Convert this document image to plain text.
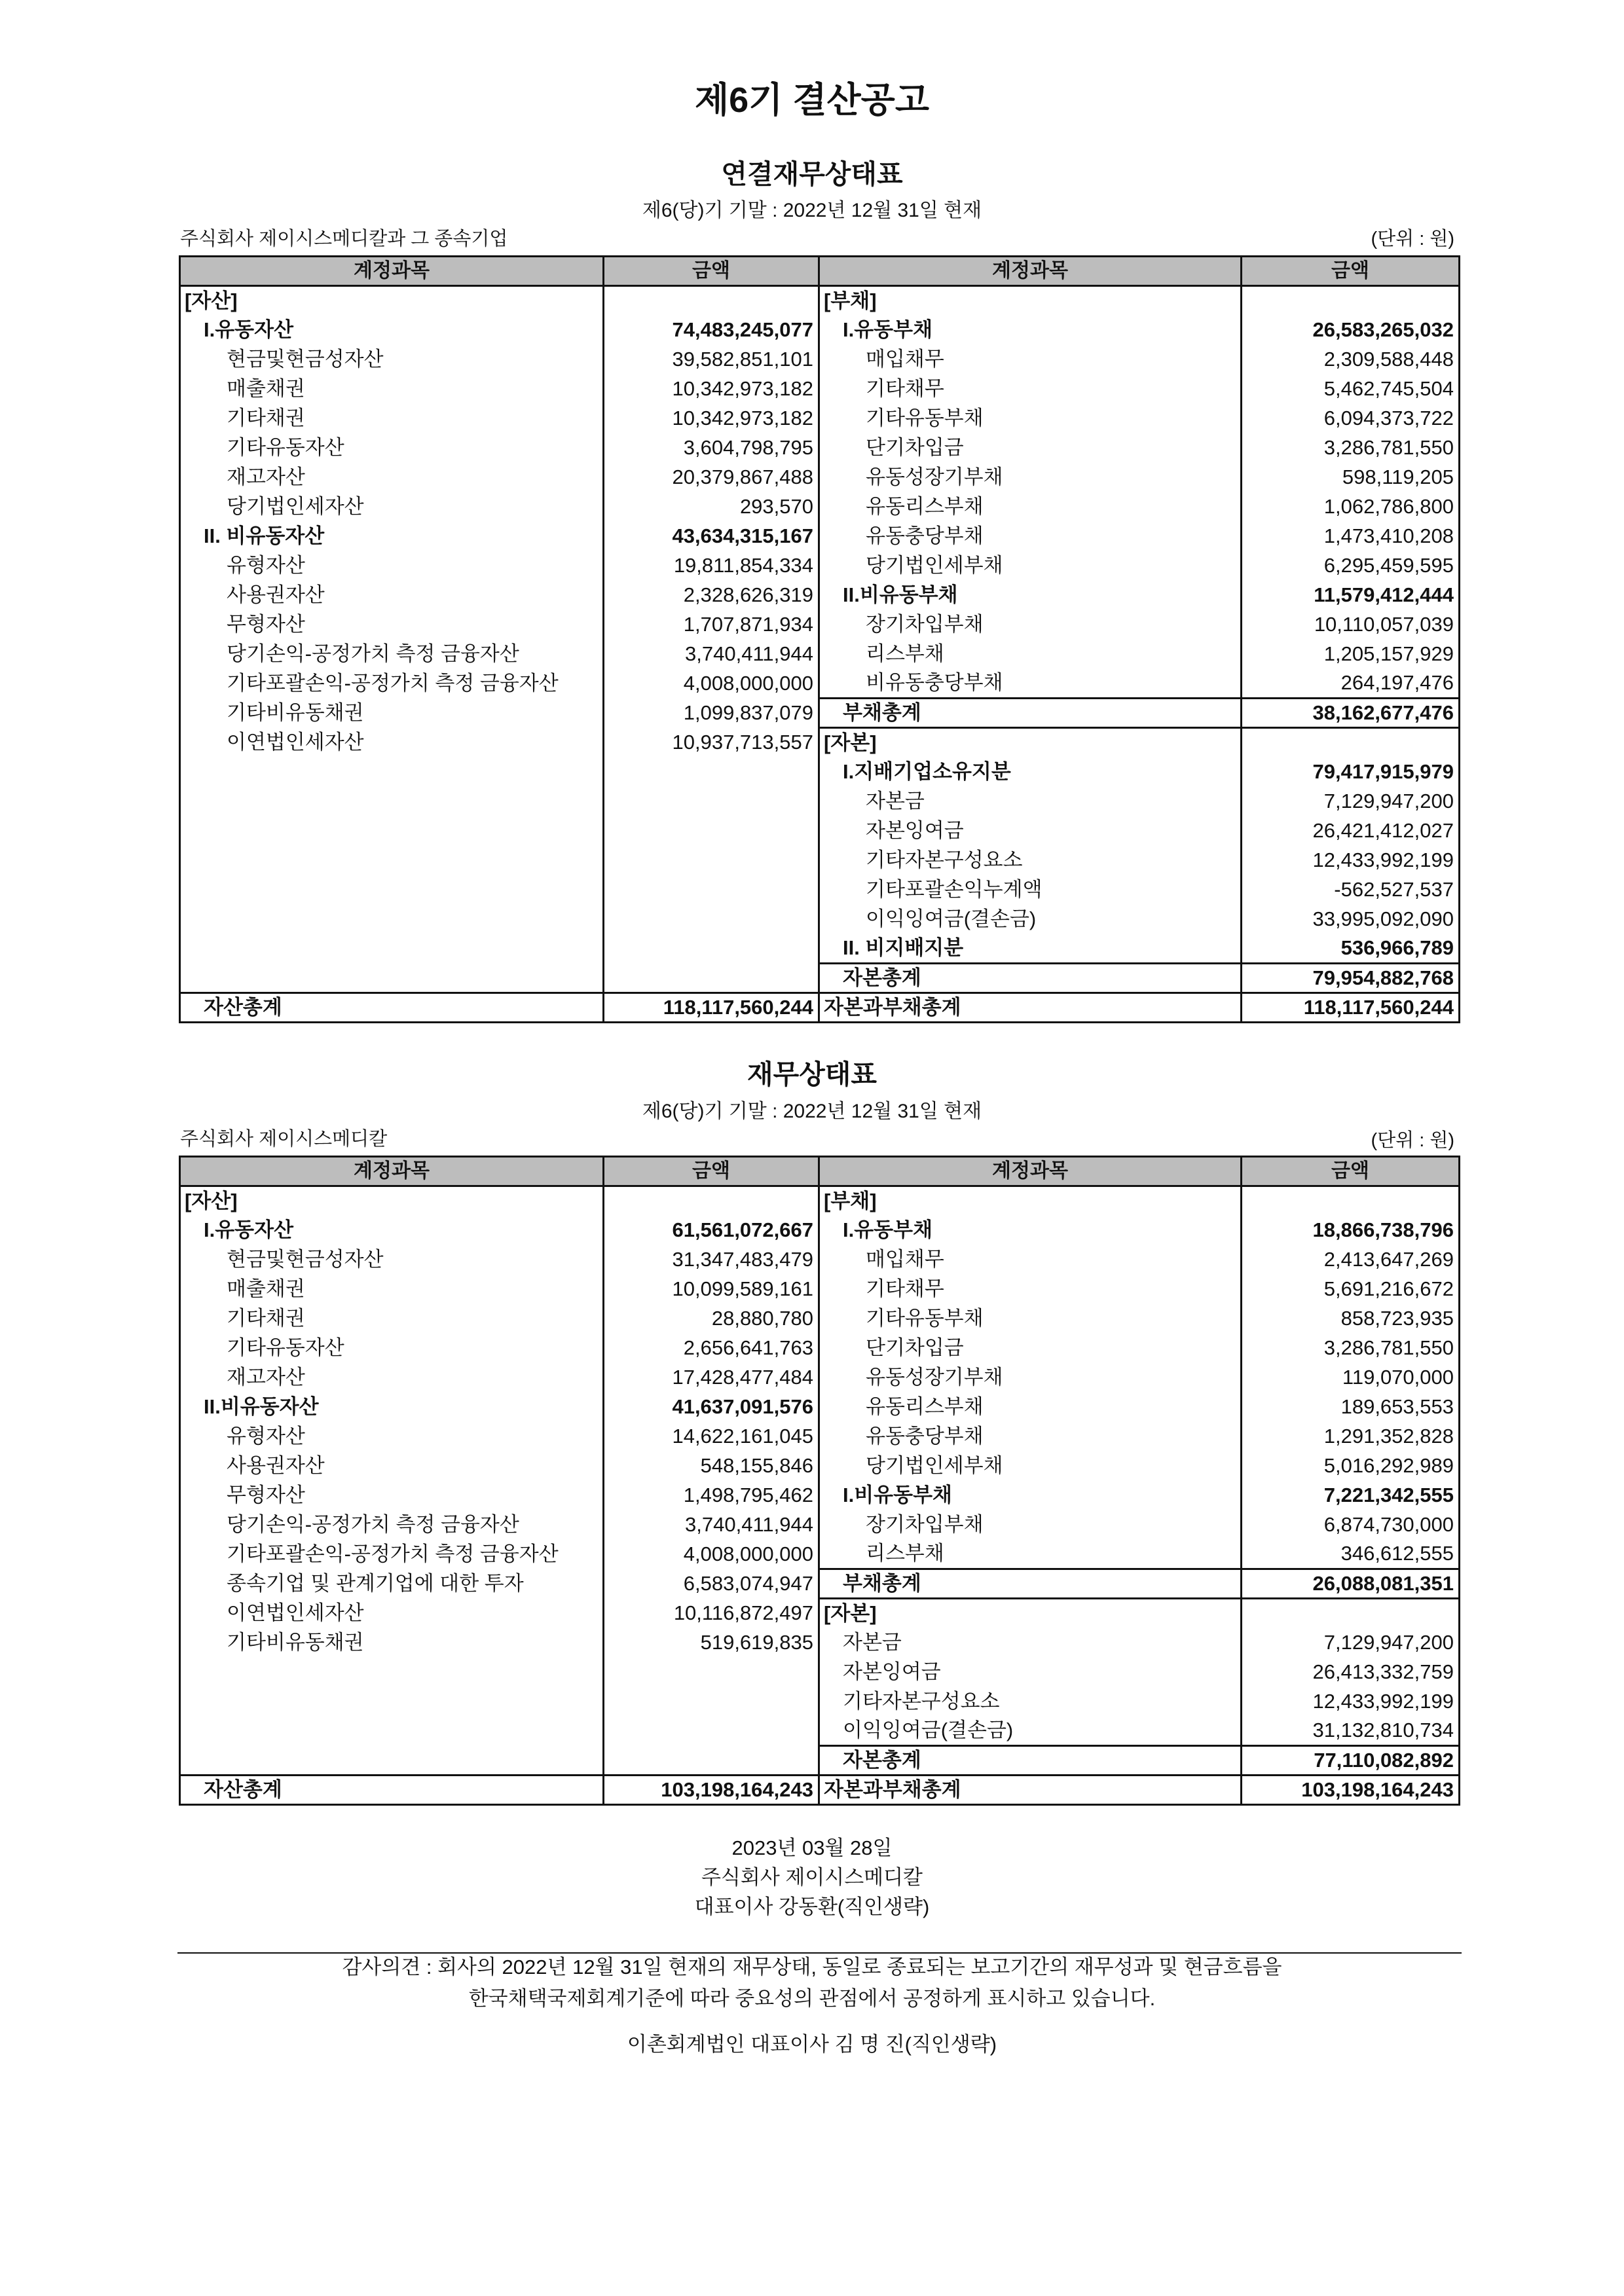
제6기 결산공고
연결재무상태표
제6(당)기 기말 : 2022년 12월 31일 현재
주식회사 제이시스메디칼과 그 종속기업	(단위 : 원)
계정과목	금액	계정과목	금액
[자산]		[부채]	
I.유동자산	74,483,245,077	I.유동부채	26,583,265,032
현금및현금성자산	39,582,851,101	매입채무	2,309,588,448
매출채권	10,342,973,182	기타채무	5,462,745,504
기타채권	10,342,973,182	기타유동부채	6,094,373,722
기타유동자산	3,604,798,795	단기차입금	3,286,781,550
재고자산	20,379,867,488	유동성장기부채	598,119,205
당기법인세자산	293,570	유동리스부채	1,062,786,800
II. 비유동자산	43,634,315,167	유동충당부채	1,473,410,208
유형자산	19,811,854,334	당기법인세부채	6,295,459,595
사용권자산	2,328,626,319	II.비유동부채	11,579,412,444
무형자산	1,707,871,934	장기차입부채	10,110,057,039
당기손익-공정가치 측정 금융자산	3,740,411,944	리스부채	1,205,157,929
기타포괄손익-공정가치 측정 금융자산	4,008,000,000	비유동충당부채	264,197,476
기타비유동채권	1,099,837,079	부채총계	38,162,677,476
이연법인세자산	10,937,713,557	[자본]	
		I.지배기업소유지분	79,417,915,979
		자본금	7,129,947,200
		자본잉여금	26,421,412,027
		기타자본구성요소	12,433,992,199
		기타포괄손익누계액	-562,527,537
		이익잉여금(결손금)	33,995,092,090
		II. 비지배지분	536,966,789
		자본총계	79,954,882,768
자산총계	118,117,560,244	자본과부채총계	118,117,560,244
재무상태표
제6(당)기 기말 : 2022년 12월 31일 현재
주식회사 제이시스메디칼	(단위 : 원)
계정과목	금액	계정과목	금액
[자산]		[부채]	
I.유동자산	61,561,072,667	I.유동부채	18,866,738,796
현금및현금성자산	31,347,483,479	매입채무	2,413,647,269
매출채권	10,099,589,161	기타채무	5,691,216,672
기타채권	28,880,780	기타유동부채	858,723,935
기타유동자산	2,656,641,763	단기차입금	3,286,781,550
재고자산	17,428,477,484	유동성장기부채	119,070,000
II.비유동자산	41,637,091,576	유동리스부채	189,653,553
유형자산	14,622,161,045	유동충당부채	1,291,352,828
사용권자산	548,155,846	당기법인세부채	5,016,292,989
무형자산	1,498,795,462	I.비유동부채	7,221,342,555
당기손익-공정가치 측정 금융자산	3,740,411,944	장기차입부채	6,874,730,000
기타포괄손익-공정가치 측정 금융자산	4,008,000,000	리스부채	346,612,555
종속기업 및 관계기업에 대한 투자	6,583,074,947	부채총계	26,088,081,351
이연법인세자산	10,116,872,497	[자본]	
기타비유동채권	519,619,835	자본금	7,129,947,200
		자본잉여금	26,413,332,759
		기타자본구성요소	12,433,992,199
		이익잉여금(결손금)	31,132,810,734
		자본총계	77,110,082,892
자산총계	103,198,164,243	자본과부채총계	103,198,164,243
2023년 03월 28일
주식회사 제이시스메디칼
대표이사 강동환(직인생략)
감사의견 : 회사의 2022년 12월 31일 현재의 재무상태, 동일로 종료되는 보고기간의 재무성과 및 현금흐름을
한국채택국제회계기준에 따라 중요성의 관점에서 공정하게 표시하고 있습니다.
이촌회계법인 대표이사 김 명 진(직인생략)
